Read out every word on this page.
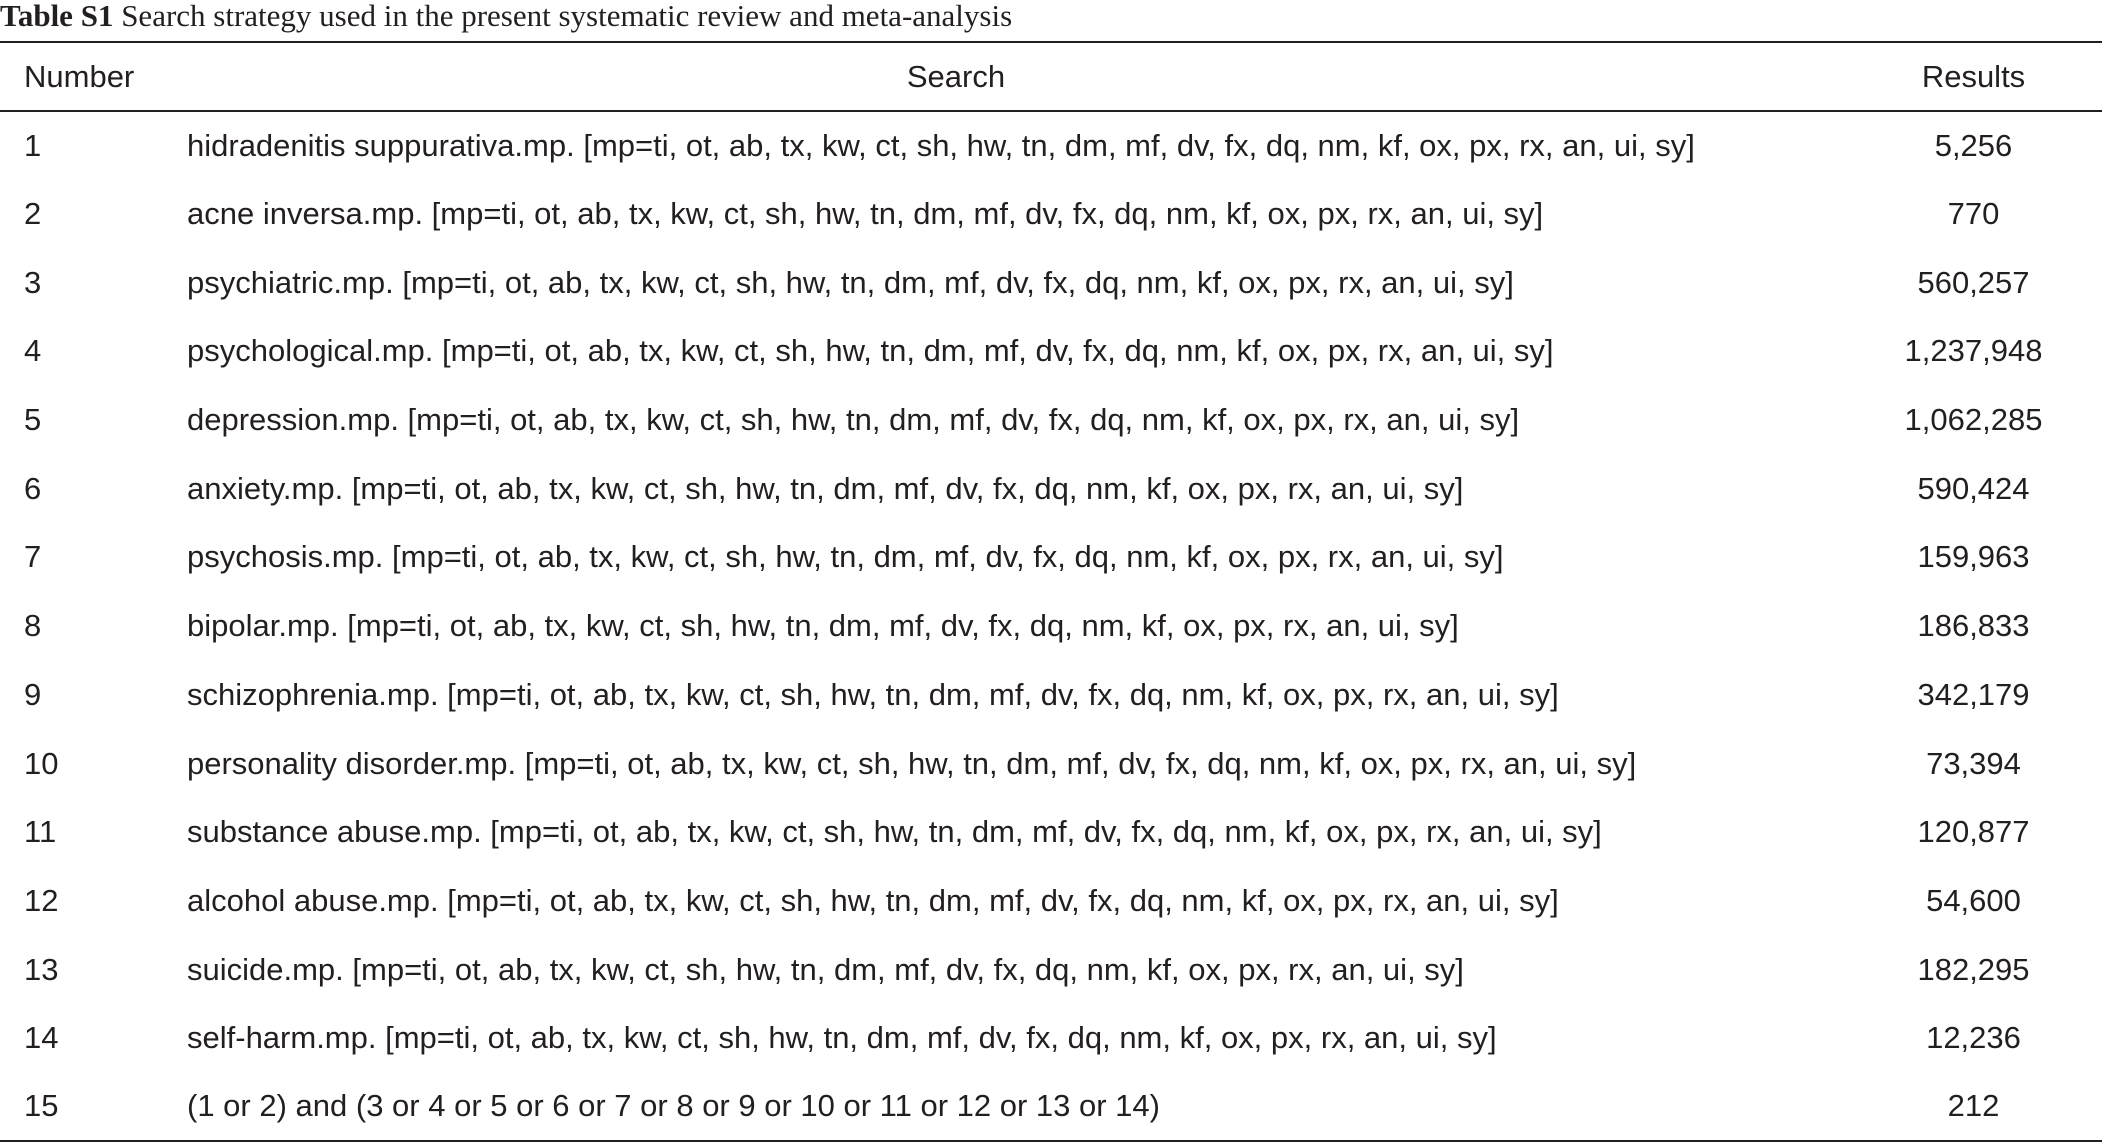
Table S1 Search strategy used in the present systematic review and meta-analysis
Number	Search	Results
1	hidradenitis suppurativa.mp. [mp=ti, ot, ab, tx, kw, ct, sh, hw, tn, dm, mf, dv, fx, dq, nm, kf, ox, px, rx, an, ui, sy]	5,256
2	acne inversa.mp. [mp=ti, ot, ab, tx, kw, ct, sh, hw, tn, dm, mf, dv, fx, dq, nm, kf, ox, px, rx, an, ui, sy]	770
3	psychiatric.mp. [mp=ti, ot, ab, tx, kw, ct, sh, hw, tn, dm, mf, dv, fx, dq, nm, kf, ox, px, rx, an, ui, sy]	560,257
4	psychological.mp. [mp=ti, ot, ab, tx, kw, ct, sh, hw, tn, dm, mf, dv, fx, dq, nm, kf, ox, px, rx, an, ui, sy]	1,237,948
5	depression.mp. [mp=ti, ot, ab, tx, kw, ct, sh, hw, tn, dm, mf, dv, fx, dq, nm, kf, ox, px, rx, an, ui, sy]	1,062,285
6	anxiety.mp. [mp=ti, ot, ab, tx, kw, ct, sh, hw, tn, dm, mf, dv, fx, dq, nm, kf, ox, px, rx, an, ui, sy]	590,424
7	psychosis.mp. [mp=ti, ot, ab, tx, kw, ct, sh, hw, tn, dm, mf, dv, fx, dq, nm, kf, ox, px, rx, an, ui, sy]	159,963
8	bipolar.mp. [mp=ti, ot, ab, tx, kw, ct, sh, hw, tn, dm, mf, dv, fx, dq, nm, kf, ox, px, rx, an, ui, sy]	186,833
9	schizophrenia.mp. [mp=ti, ot, ab, tx, kw, ct, sh, hw, tn, dm, mf, dv, fx, dq, nm, kf, ox, px, rx, an, ui, sy]	342,179
10	personality disorder.mp. [mp=ti, ot, ab, tx, kw, ct, sh, hw, tn, dm, mf, dv, fx, dq, nm, kf, ox, px, rx, an, ui, sy]	73,394
11	substance abuse.mp. [mp=ti, ot, ab, tx, kw, ct, sh, hw, tn, dm, mf, dv, fx, dq, nm, kf, ox, px, rx, an, ui, sy]	120,877
12	alcohol abuse.mp. [mp=ti, ot, ab, tx, kw, ct, sh, hw, tn, dm, mf, dv, fx, dq, nm, kf, ox, px, rx, an, ui, sy]	54,600
13	suicide.mp. [mp=ti, ot, ab, tx, kw, ct, sh, hw, tn, dm, mf, dv, fx, dq, nm, kf, ox, px, rx, an, ui, sy]	182,295
14	self-harm.mp. [mp=ti, ot, ab, tx, kw, ct, sh, hw, tn, dm, mf, dv, fx, dq, nm, kf, ox, px, rx, an, ui, sy]	12,236
15	(1 or 2) and (3 or 4 or 5 or 6 or 7 or 8 or 9 or 10 or 11 or 12 or 13 or 14)	212
